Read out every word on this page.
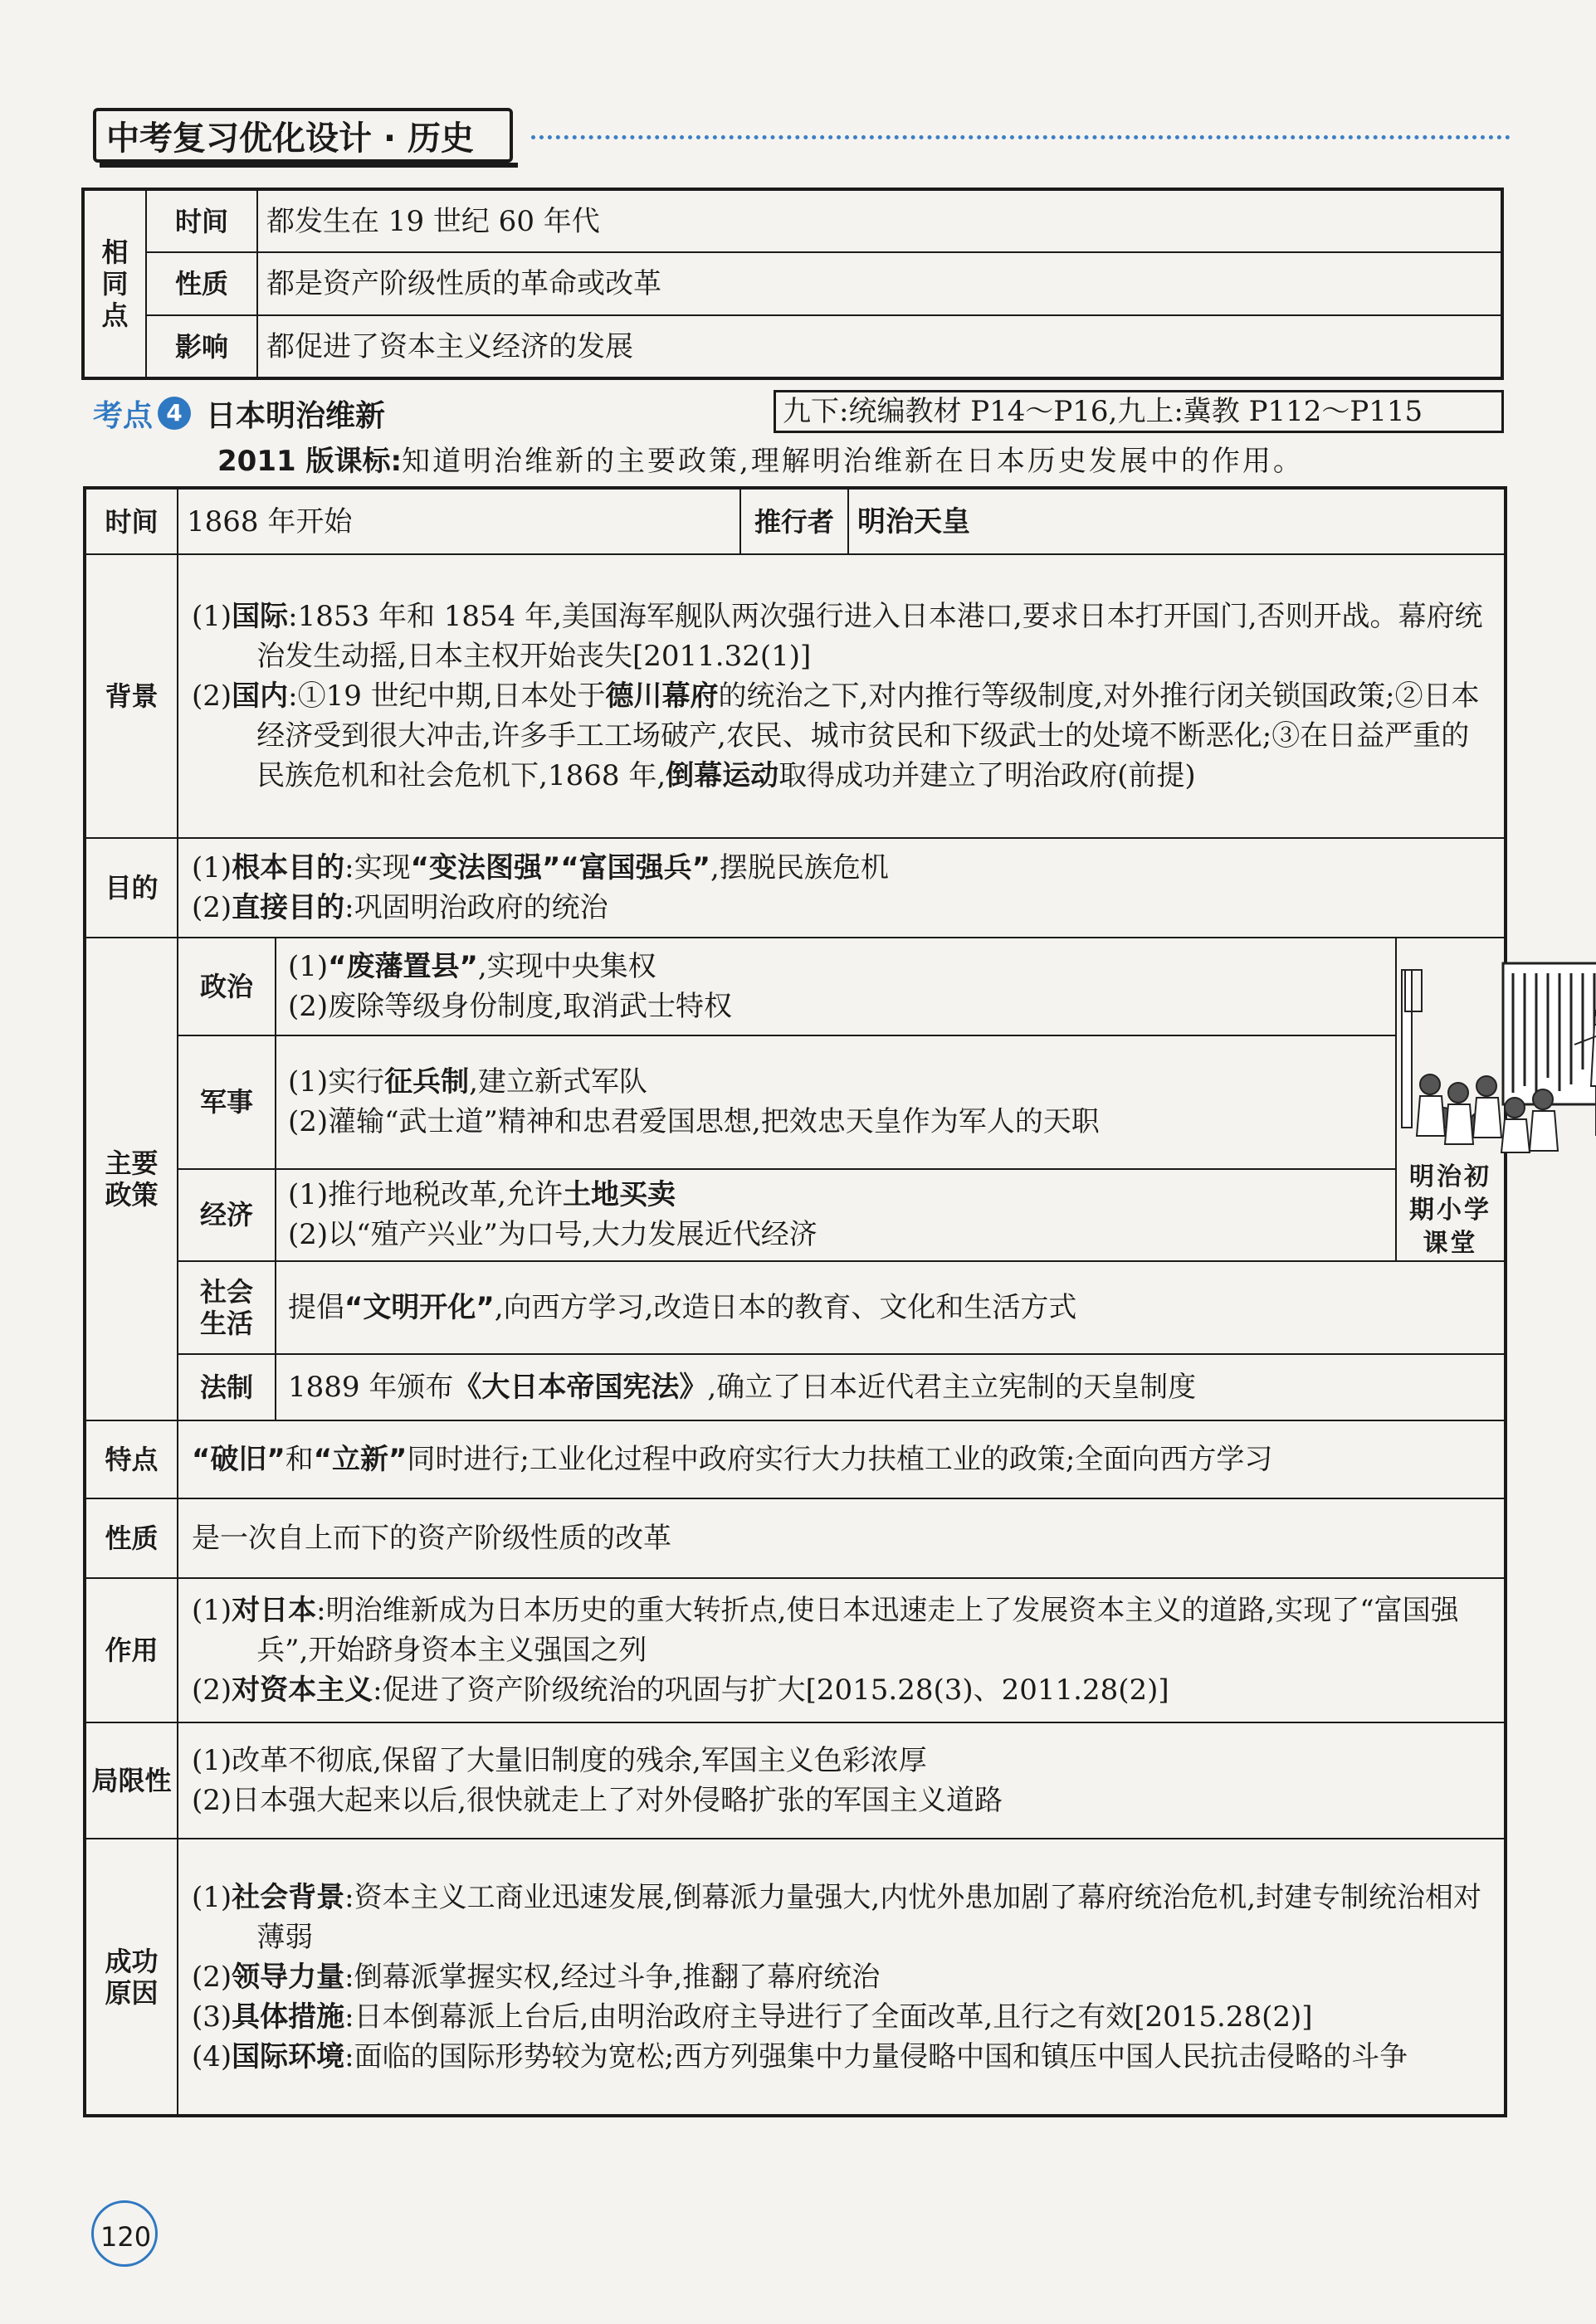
中考复习优化设计 · 历史
相同点	时间	都发生在 19 世纪 60 年代
	性质	都是资产阶级性质的革命或改革
	影响	都促进了资本主义经济的发展
考点 4 日本明治维新	九下:统编教材 P14～P16,九上:冀教 P112～P115
2011 版课标:知道明治维新的主要政策,理解明治维新在日本历史发展中的作用。
时间	1868 年开始		推行者	明治天皇	
背景	(1)国际:1853 年和 1854 年,美国海军舰队两次强行进入日本港口,要求日本打开国门,否则开战。幕府统治发生动摇,日本主权开始丧失[2011.32(1)]
(2)国内:①19 世纪中期,日本处于德川幕府的统治之下,对内推行等级制度,对外推行闭关锁国政策;②日本经济受到很大冲击,许多手工工场破产,农民、城市贫民和下级武士的处境不断恶化;③在日益严重的民族危机和社会危机下,1868 年,倒幕运动取得成功并建立了明治政府(前提)				

目的	(1)根本目的:实现“变法图强”“富国强兵”,摆脱民族危机
(2)直接目的:巩固明治政府的统治				

主要政策	政治	(1)“废藩置县”,实现中央集权
(2)废除等级身份制度,取消武士特权			明治初期小学课堂

	军事	(1)实行征兵制,建立新式军队
(2)灌输“武士道”精神和忠君爱国思想,把效忠天皇作为军人的天职			

	经济	(1)推行地税改革,允许土地买卖
(2)以“殖产兴业”为口号,大力发展近代经济			

	社会生活	提倡“文明开化”,向西方学习,改造日本的教育、文化和生活方式			
	法制	1889 年颁布《大日本帝国宪法》,确立了日本近代君主立宪制的天皇制度			
特点	“破旧”和“立新”同时进行;工业化过程中政府实行大力扶植工业的政策;全面向西方学习				
性质	是一次自上而下的资产阶级性质的改革				
作用	(1)对日本:明治维新成为日本历史的重大转折点,使日本迅速走上了发展资本主义的道路,实现了“富国强兵”,开始跻身资本主义强国之列
(2)对资本主义:促进了资产阶级统治的巩固与扩大[2015.28(3)、2011.28(2)]				

局限性	(1)改革不彻底,保留了大量旧制度的残余,军国主义色彩浓厚
(2)日本强大起来以后,很快就走上了对外侵略扩张的军国主义道路				

成功原因	(1)社会背景:资本主义工商业迅速发展,倒幕派力量强大,内忧外患加剧了幕府统治危机,封建专制统治相对薄弱
(2)领导力量:倒幕派掌握实权,经过斗争,推翻了幕府统治
(3)具体措施:日本倒幕派上台后,由明治政府主导进行了全面改革,且行之有效[2015.28(2)]
(4)国际环境:面临的国际形势较为宽松;西方列强集中力量侵略中国和镇压中国人民抗击侵略的斗争				
120
